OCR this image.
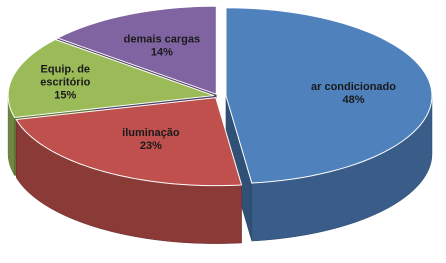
ar condicionado 48%
iluminação 23%
Equip. de escritório 15%
demais cargas 14%
